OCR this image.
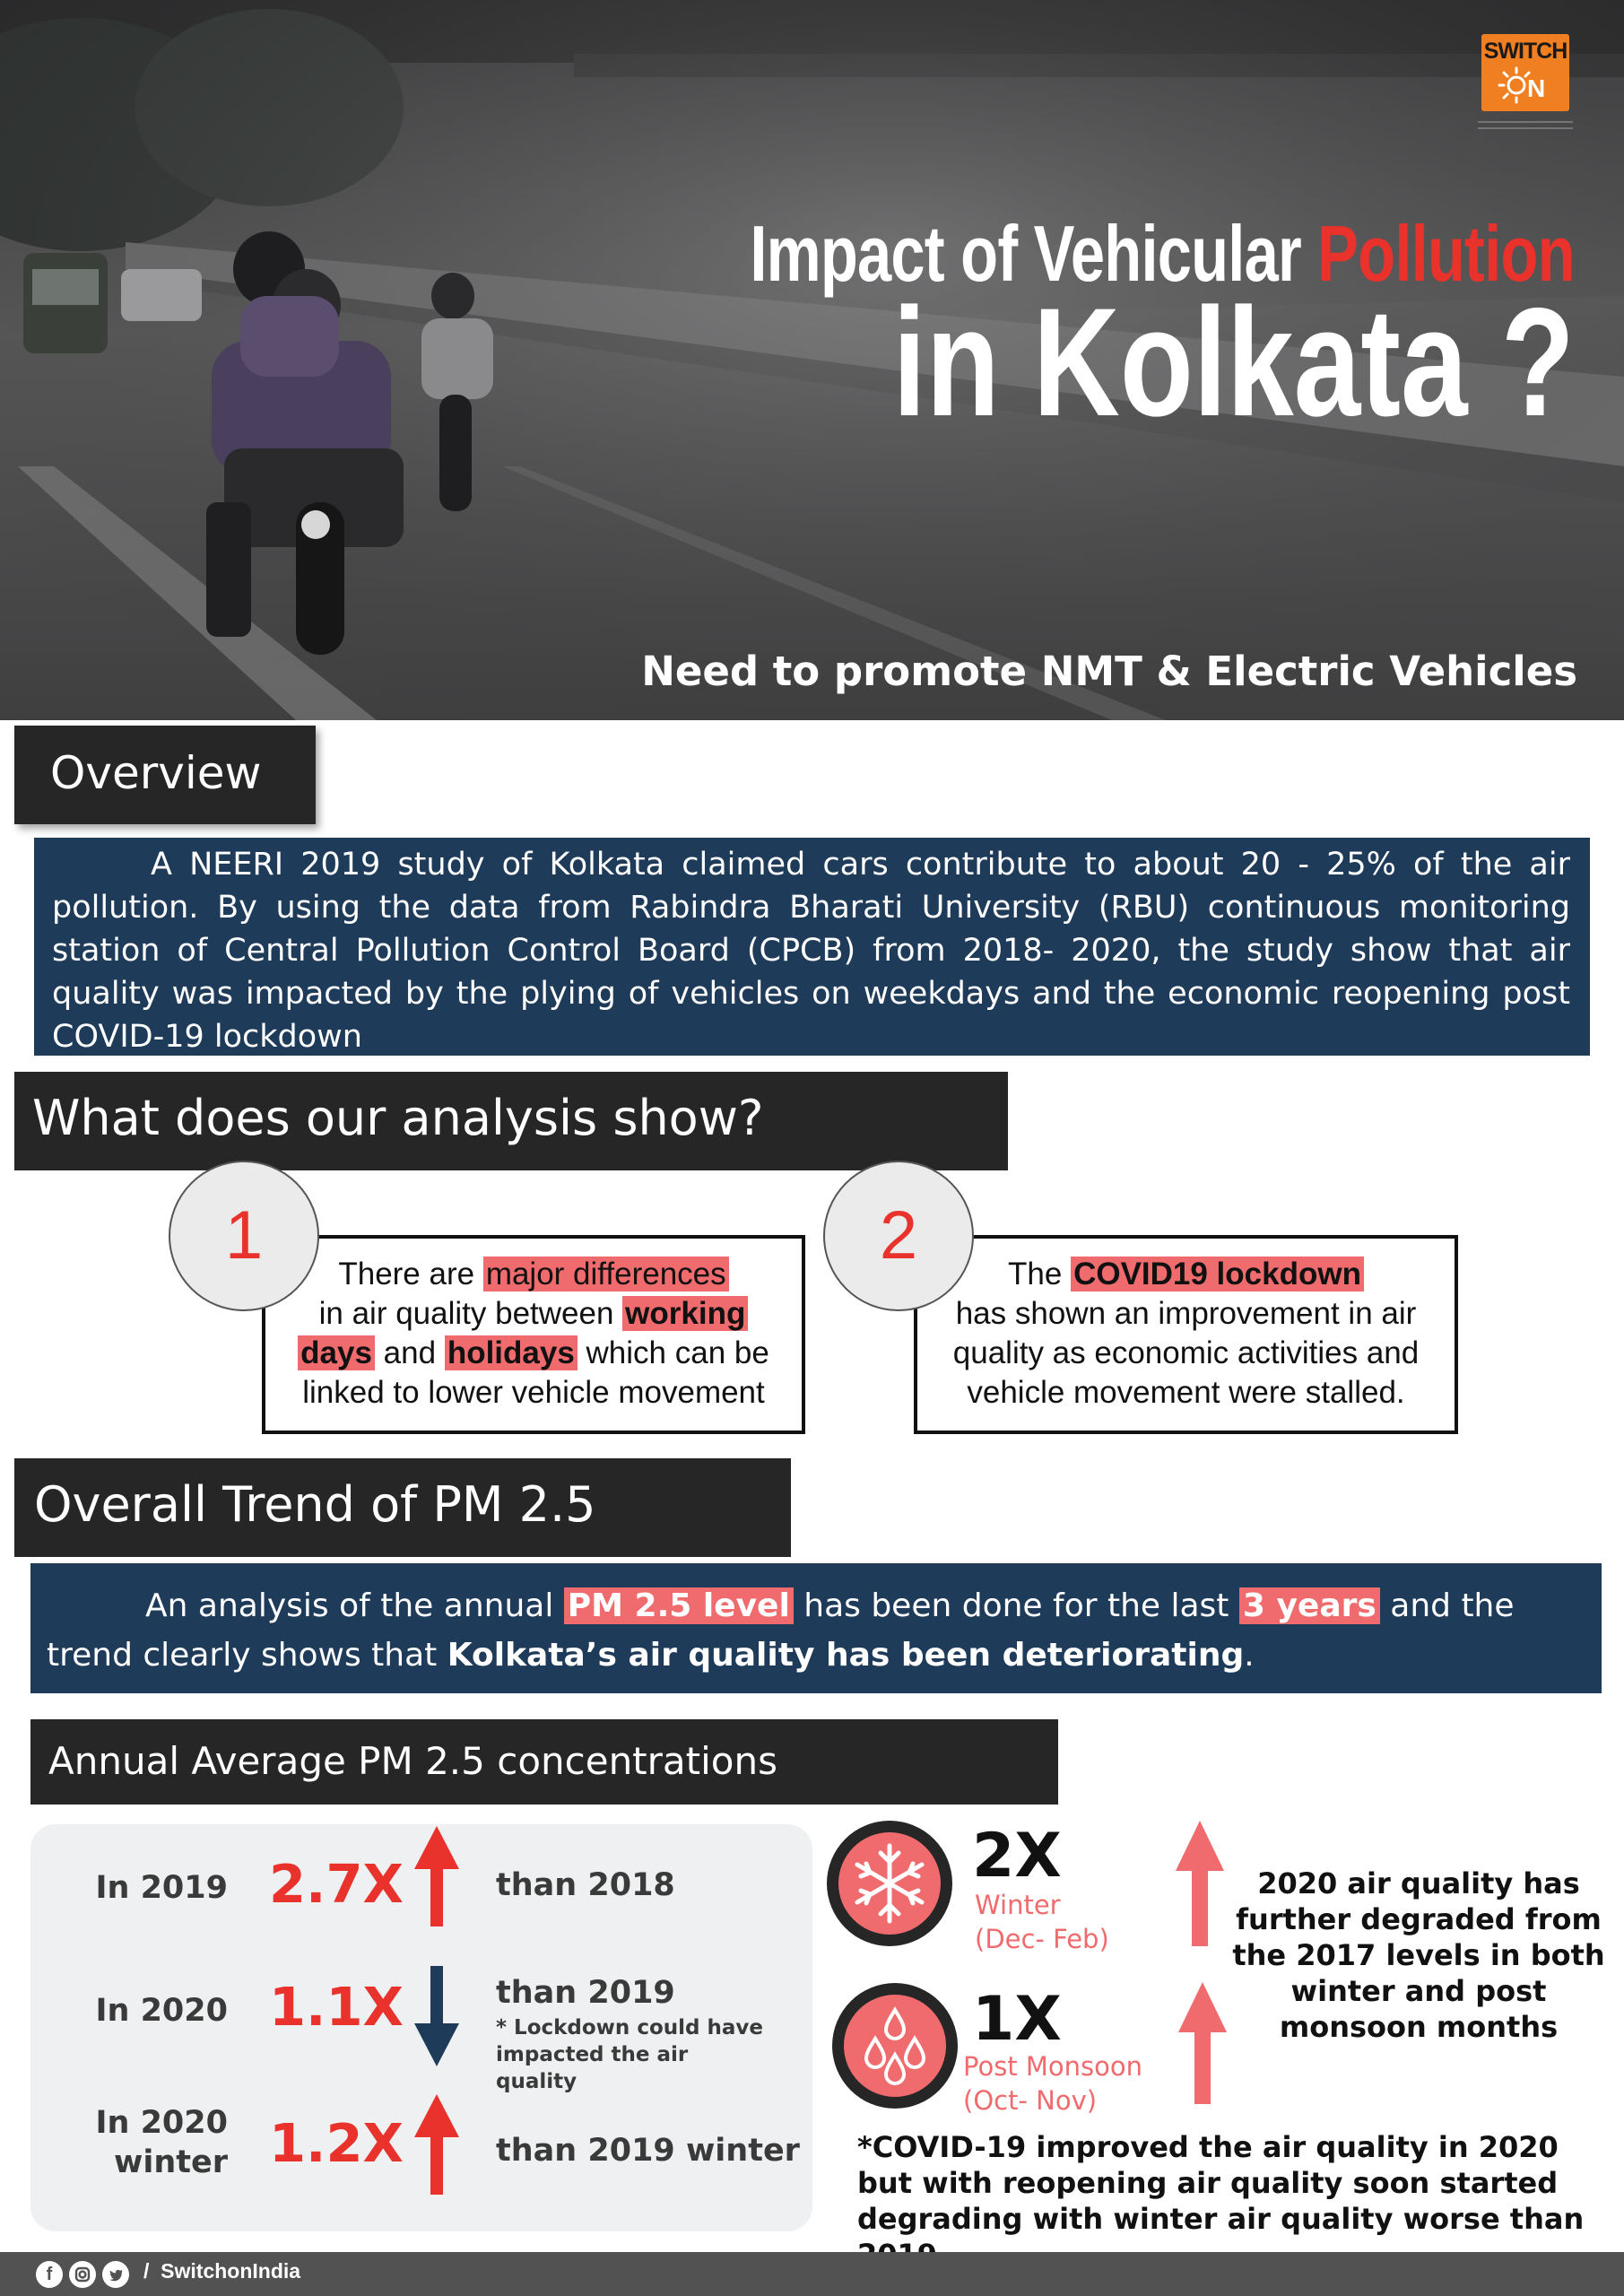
SWITCH
N
Impact of Vehicular Pollution
in Kolkata ?
Need to promote NMT & Electric Vehicles
Overview
A NEERI 2019 study of Kolkata claimed cars contribute to about 20 - 25% of the air pollution. By using the data from Rabindra Bharati University (RBU) continuous monitoring station of Central Pollution Control Board (CPCB) from 2018- 2020, the study show that air quality was impacted by the plying of vehicles on weekdays and the economic reopening post COVID-19 lockdown
What does our analysis show?
There are major differences
in air quality between working
days and holidays which can be
linked to lower vehicle movement
1
The COVID19 lockdown
has shown an improvement in air
quality as economic activities and
vehicle movement were stalled.
2
Overall Trend of PM 2.5
An analysis of the annual PM 2.5 level has been done for the last 3 years and the trend clearly shows that Kolkata’s air quality has been deteriorating.
Annual Average PM 2.5 concentrations
In 2019 2.7X	than 2018
In 2020 1.1X	than 2019
* Lockdown could have impacted the air quality
In 2020
winter 1.2X	than 2019 winter
2X
Winter
(Dec- Feb)
1X
Post Monsoon
(Oct- Nov)
2020 air quality has further degraded from the 2017 levels in both winter and post monsoon months
*COVID-19 improved the air quality in 2020 but with reopening air quality soon started degrading with winter air quality worse than
f	/ SwitchonIndia
